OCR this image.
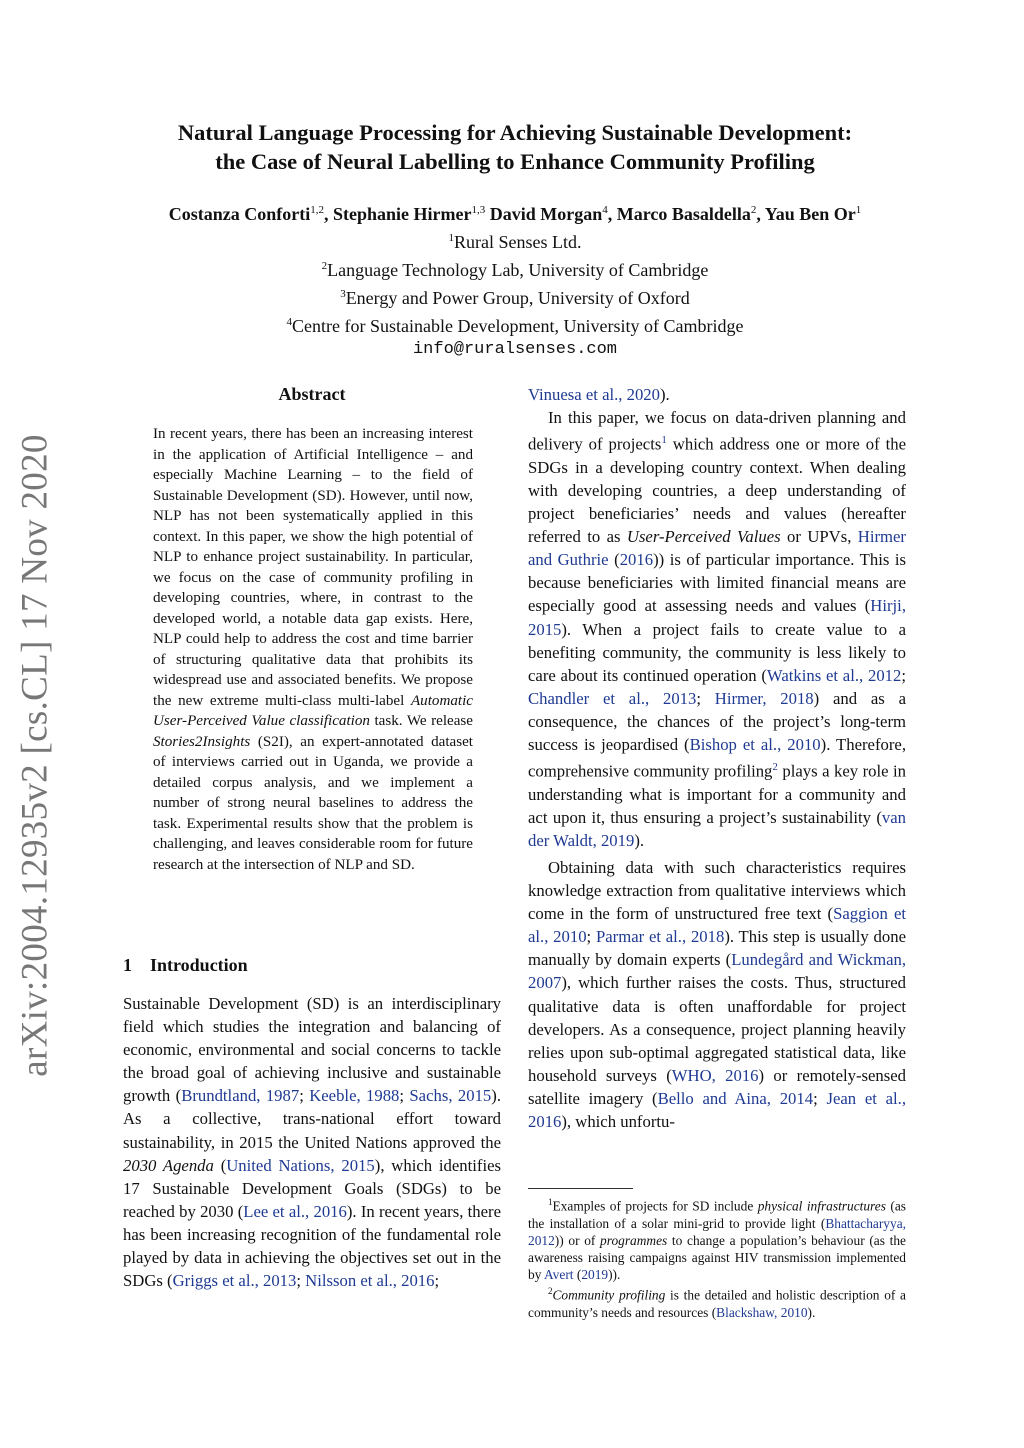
arXiv:2004.12935v2 [cs.CL] 17 Nov 2020
Natural Language Processing for Achieving Sustainable Development:
the Case of Neural Labelling to Enhance Community Profiling
Costanza Conforti$^{1,2}$, Stephanie Hirmer$^{1,3}$ David Morgan$^4$, Marco Basaldella$^2$, Yau Ben Or$^1$
$^1$Rural Senses Ltd.
$^2$Language Technology Lab, University of Cambridge
$^3$Energy and Power Group, University of Oxford
$^4$Centre for Sustainable Development, University of Cambridge
info@ruralsenses.com
Abstract
In recent years, there has been an increasing interest in the application of Artificial Intelligence – and especially Machine Learning – to the field of Sustainable Development (SD). However, until now, NLP has not been systematically applied in this context. In this paper, we show the high potential of NLP to enhance project sustainability. In particular, we focus on the case of community profiling in developing countries, where, in contrast to the developed world, a notable data gap exists. Here, NLP could help to address the cost and time barrier of structuring qualitative data that prohibits its widespread use and associated benefits. We propose the new extreme multi-class multi-label Automatic User-Perceived Value classification task. We release Stories2Insights (S2I), an expert-annotated dataset of interviews carried out in Uganda, we provide a detailed corpus analysis, and we implement a number of strong neural baselines to address the task. Experimental results show that the problem is challenging, and leaves considerable room for future research at the intersection of NLP and SD.
1 Introduction

Sustainable Development (SD) is an interdisciplinary field which studies the integration and balancing of economic, environmental and social concerns to tackle the broad goal of achieving inclusive and sustainable growth (Brundtland, 1987; Keeble, 1988; Sachs, 2015). As a collective, trans-national effort toward sustainability, in 2015 the United Nations approved the 2030 Agenda (United Nations, 2015), which identifies 17 Sustainable Development Goals (SDGs) to be reached by 2030 (Lee et al., 2016). In recent years, there has been increasing recognition of the fundamental role played by data in achieving the objectives set out in the SDGs (Griggs et al., 2013; Nilsson et al., 2016;

Vinuesa et al., 2020).

In this paper, we focus on data-driven planning and delivery of projects$^1$ which address one or more of the SDGs in a developing country context. When dealing with developing countries, a deep understanding of project beneficiaries’ needs and values (hereafter referred to as User-Perceived Values or UPVs, Hirmer and Guthrie (2016)) is of particular importance. This is because beneficiaries with limited financial means are especially good at assessing needs and values (Hirji, 2015). When a project fails to create value to a benefiting community, the community is less likely to care about its continued operation (Watkins et al., 2012; Chandler et al., 2013; Hirmer, 2018) and as a consequence, the chances of the project’s long-term success is jeopardised (Bishop et al., 2010). Therefore, comprehensive community profiling$^2$ plays a key role in understanding what is important for a community and act upon it, thus ensuring a project’s sustainability (van der Waldt, 2019).

Obtaining data with such characteristics requires knowledge extraction from qualitative interviews which come in the form of unstructured free text (Saggion et al., 2010; Parmar et al., 2018). This step is usually done manually by domain experts (Lundegård and Wickman, 2007), which further raises the costs. Thus, structured qualitative data is often unaffordable for project developers. As a consequence, project planning heavily relies upon sub-optimal aggregated statistical data, like household surveys (WHO, 2016) or remotely-sensed satellite imagery (Bello and Aina, 2014; Jean et al., 2016), which unfortu-

$^1$Examples of projects for SD include physical infrastructures (as the installation of a solar mini-grid to provide light (Bhattacharyya, 2012)) or of programmes to change a population’s behaviour (as the awareness raising campaigns against HIV transmission implemented by Avert (2019)).

$^2$Community profiling is the detailed and holistic description of a community’s needs and resources (Blackshaw, 2010).
